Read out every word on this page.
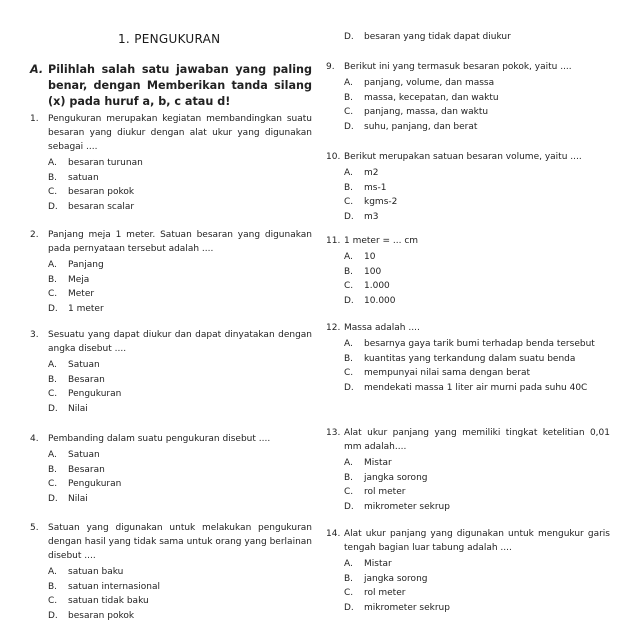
1. PENGUKURAN
A. Pilihlah salah satu jawaban yang paling benar, dengan Memberikan tanda silang (x) pada huruf a, b, c atau d!
1. Pengukuran merupakan kegiatan membandingkan suatu besaran yang diukur dengan alat ukur yang digunakan sebagai ....
A. besaran turunan
B. satuan
C. besaran pokok
D. besaran scalar
2. Panjang meja 1 meter. Satuan besaran yang digunakan pada pernyataan tersebut adalah ....
A. Panjang
B. Meja
C. Meter
D. 1 meter
3. Sesuatu yang dapat diukur dan dapat dinyatakan dengan angka disebut ....
A. Satuan
B. Besaran
C. Pengukuran
D. Nilai
4. Pembanding dalam suatu pengukuran disebut ....
A. Satuan
B. Besaran
C. Pengukuran
D. Nilai
5. Satuan yang digunakan untuk melakukan pengukuran dengan hasil yang tidak sama untuk orang yang berlainan disebut ....
A. satuan baku
B. satuan internasional
C. satuan tidak baku
D. besaran pokok
D. besaran yang tidak dapat diukur
9. Berikut ini yang termasuk besaran pokok, yaitu ....
A. panjang, volume, dan massa
B. massa, kecepatan, dan waktu
C. panjang, massa, dan waktu
D. suhu, panjang, dan berat
10. Berikut merupakan satuan besaran volume, yaitu ....
A. m2
B. ms-1
C. kgms-2
D. m3
11. 1 meter = ... cm
A. 10
B. 100
C. 1.000
D. 10.000
12. Massa adalah ....
A. besarnya gaya tarik bumi terhadap benda tersebut
B. kuantitas yang terkandung dalam suatu benda
C. mempunyai nilai sama dengan berat
D. mendekati massa 1 liter air murni pada suhu 40C
13. Alat ukur panjang yang memiliki tingkat ketelitian 0,01 mm adalah....
A. Mistar
B. jangka sorong
C. rol meter
D. mikrometer sekrup
14. Alat ukur panjang yang digunakan untuk mengukur garis tengah bagian luar tabung adalah ....
A. Mistar
B. jangka sorong
C. rol meter
D. mikrometer sekrup
